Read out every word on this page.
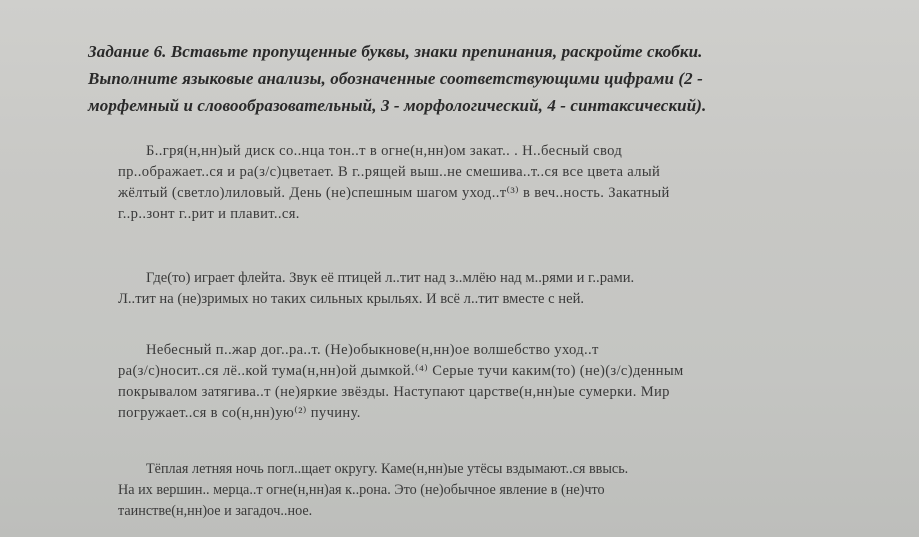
Задание 6. Вставьте пропущенные буквы, знаки препинания, раскройте скобки.

Выполните языковые анализы, обозначенные соответствующими цифрами (2 -

морфемный и словообразовательный, 3 - морфологический, 4 - синтаксический).

Б..гря(н,нн)ый диск со..нца тон..т в огне(н,нн)ом закат.. . Н..бесный свод

пр..ображает..ся и ра(з/с)цветает. В г..рящей выш..не смешива..т..ся все цвета алый

жёлтый (светло)лиловый. День (не)спешным шагом уход..т⁽³⁾ в веч..ность. Закатный

г..р..зонт г..рит и плавит..ся.

Где(то) играет флейта. Звук её птицей л..тит над з..млёю над м..рями и г..рами.

Л..тит на (не)зримых но таких сильных крыльях. И всё л..тит вместе с ней.

Небесный п..жар дог..ра..т. (Не)обыкнове(н,нн)ое волшебство уход..т

ра(з/с)носит..ся лё..кой тума(н,нн)ой дымкой.⁽⁴⁾ Серые тучи каким(то) (не)(з/с)денным

покрывалом затягива..т (не)яркие звёзды. Наступают царстве(н,нн)ые сумерки. Мир

погружает..ся в со(н,нн)ую⁽²⁾ пучину.

Тёплая летняя ночь погл..щает округу. Камe(н,нн)ые утёсы вздымают..ся ввысь.

На их вершин.. мерца..т огне(н,нн)ая к..рона. Это (не)обычное явление в (не)что

таинстве(н,нн)ое и загадоч..ное.
